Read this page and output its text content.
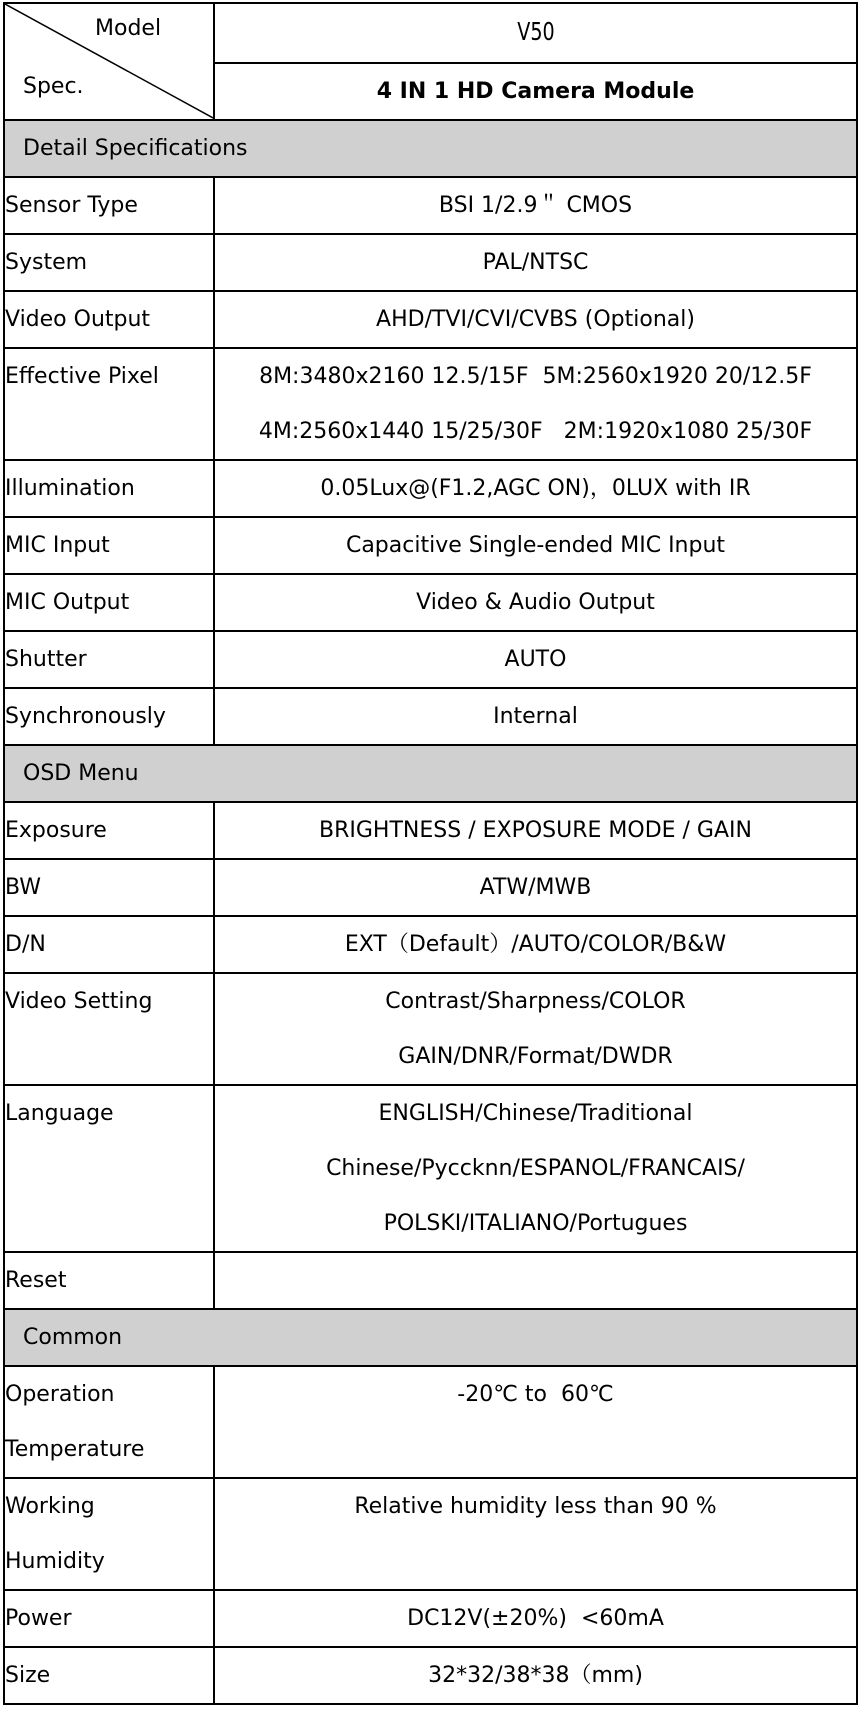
Model
Spec.	V50
	4 IN 1 HD Camera Module
Detail Specifications	

Sensor Type	BSI 1/2.9＂ CMOS

System	PAL/NTSC

Video Output	AHD/TVI/CVI/CVBS (Optional)

Effective Pixel	8M:3480x2160 12.5/15F  5M:2560x1920 20/12.5F
4M:2560x1440 15/25/30F   2M:1920x1080 25/30F

Illumination	0.05Lux@(F1.2,AGC ON)，0LUX with IR

MIC Input	Capacitive Single-ended MIC Input

MIC Output	Video & Audio Output

Shutter	AUTO

Synchronously	Internal

OSD Menu	

Exposure	BRIGHTNESS / EXPOSURE MODE / GAIN

BW	ATW/MWB

D/N	EXT（Default）/AUTO/COLOR/B&W

Video Setting	Contrast/Sharpness/COLOR
GAIN/DNR/Format/DWDR

Language	ENGLISH/Chinese/Traditional
Chinese/Pyccknn/ESPANOL/FRANCAIS/
POLSKI/ITALIANO/Portugues

Reset	

Common	

Operation
Temperature	-20℃ to  60℃

Working
Humidity	Relative humidity less than 90 %

Power	DC12V(±20%)  <60mA

Size	32*32/38*38（mm)
